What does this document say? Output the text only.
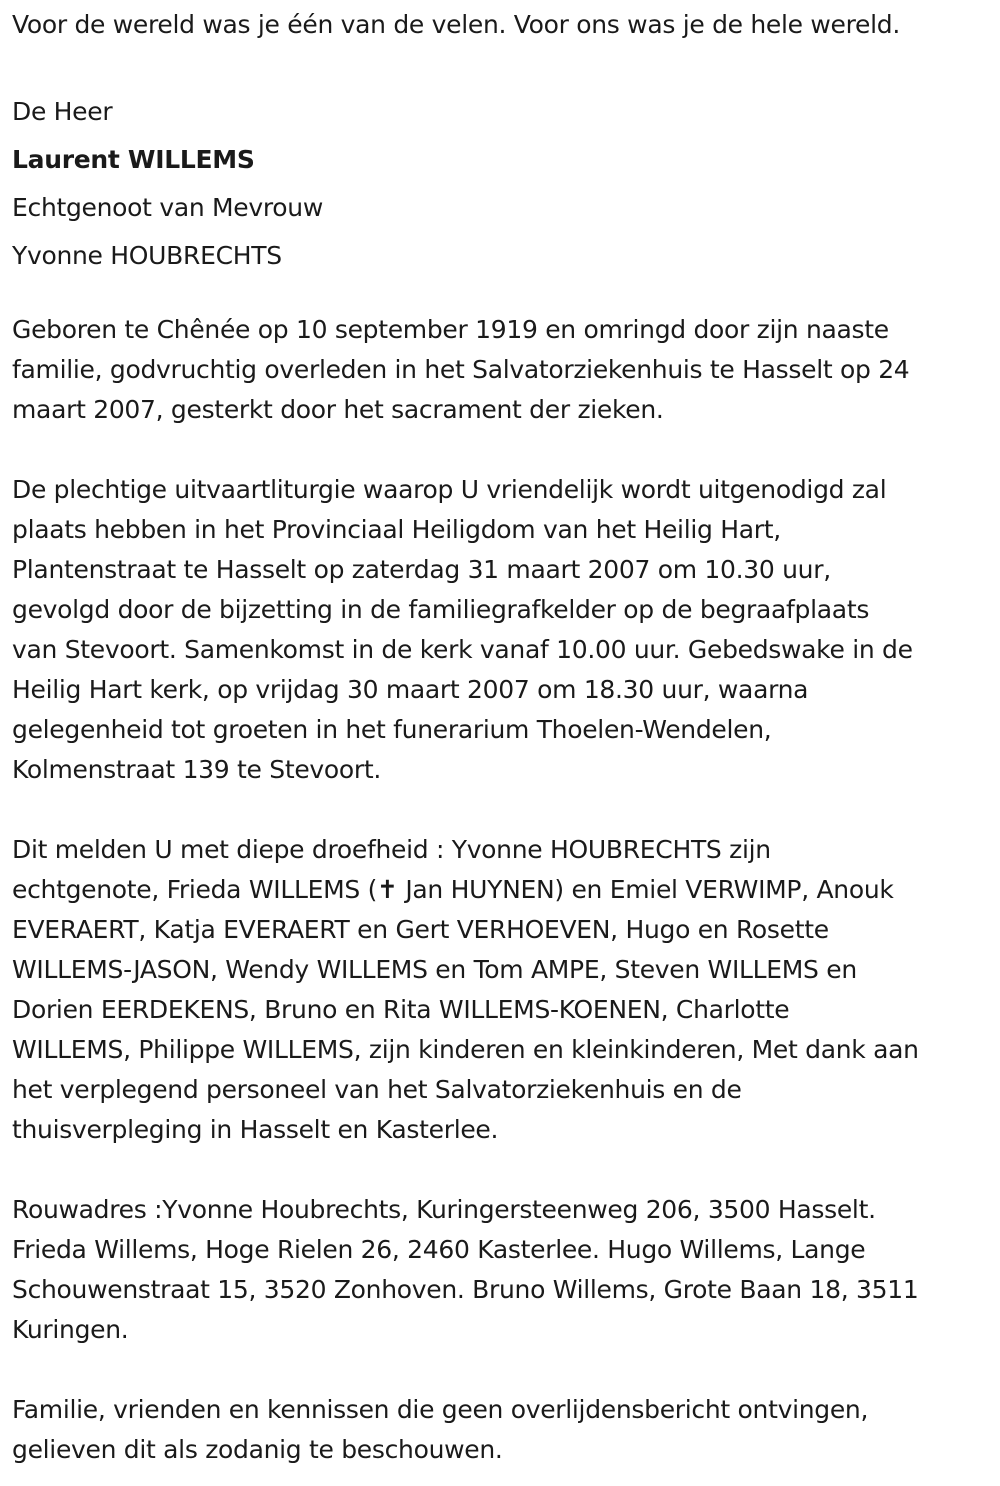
Voor de wereld was je één van de velen. Voor ons was je de hele wereld.

De Heer

Laurent WILLEMS

Echtgenoot van Mevrouw

Yvonne HOUBRECHTS

Geboren te Chênée op 10 september 1919 en omringd door zijn naaste

familie, godvruchtig overleden in het Salvatorziekenhuis te Hasselt op 24

maart 2007, gesterkt door het sacrament der zieken.

De plechtige uitvaartliturgie waarop U vriendelijk wordt uitgenodigd zal

plaats hebben in het Provinciaal Heiligdom van het Heilig Hart,

Plantenstraat te Hasselt op zaterdag 31 maart 2007 om 10.30 uur,

gevolgd door de bijzetting in de familiegrafkelder op de begraafplaats

van Stevoort. Samenkomst in de kerk vanaf 10.00 uur. Gebedswake in de

Heilig Hart kerk, op vrijdag 30 maart 2007 om 18.30 uur, waarna

gelegenheid tot groeten in het funerarium Thoelen-Wendelen,

Kolmenstraat 139 te Stevoort.

Dit melden U met diepe droefheid : Yvonne HOUBRECHTS zijn

echtgenote, Frieda WILLEMS (✝ Jan HUYNEN) en Emiel VERWIMP, Anouk

EVERAERT, Katja EVERAERT en Gert VERHOEVEN, Hugo en Rosette

WILLEMS-JASON, Wendy WILLEMS en Tom AMPE, Steven WILLEMS en

Dorien EERDEKENS, Bruno en Rita WILLEMS-KOENEN, Charlotte

WILLEMS, Philippe WILLEMS, zijn kinderen en kleinkinderen, Met dank aan

het verplegend personeel van het Salvatorziekenhuis en de

thuisverpleging in Hasselt en Kasterlee.

Rouwadres :Yvonne Houbrechts, Kuringersteenweg 206, 3500 Hasselt.

Frieda Willems, Hoge Rielen 26, 2460 Kasterlee. Hugo Willems, Lange

Schouwenstraat 15, 3520 Zonhoven. Bruno Willems, Grote Baan 18, 3511

Kuringen.

Familie, vrienden en kennissen die geen overlijdensbericht ontvingen,

gelieven dit als zodanig te beschouwen.
